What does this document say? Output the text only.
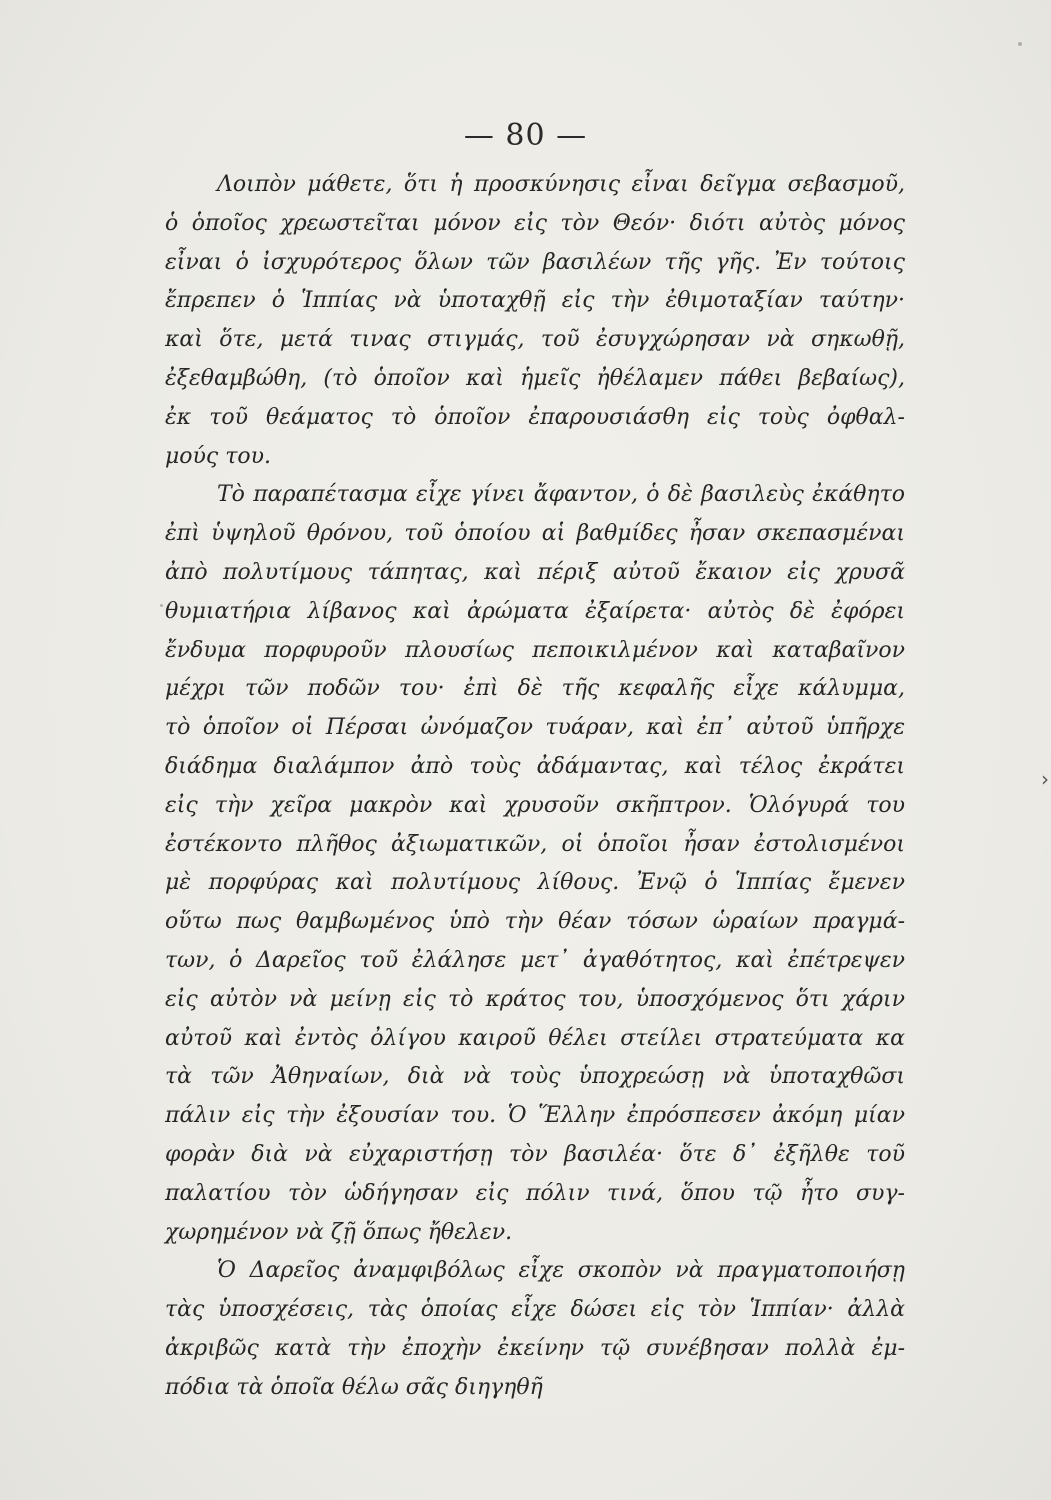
— 80 —
Λοιπὸν μάθετε, ὅτι ἡ προσκύνησις εἶναι δεῖγμα σεβασμοῦ,
ὁ ὁποῖος χρεωστεῖται μόνον εἰς τὸν Θεόν· διότι αὐτὸς μόνος
εἶναι ὁ ἰσχυρότερος ὅλων τῶν βασιλέων τῆς γῆς. Ἐν τούτοις
ἔπρεπεν ὁ Ἱππίας νὰ ὑποταχθῇ εἰς τὴν ἐθιμοταξίαν ταύτην·
καὶ ὅτε, μετά τινας στιγμάς, τοῦ ἐσυγχώρησαν νὰ σηκωθῇ,
ἐξεθαμβώθη, (τὸ ὁποῖον καὶ ἡμεῖς ἠθέλαμεν πάθει βεβαίως),
ἐκ τοῦ θεάματος τὸ ὁποῖον ἐπαρουσιάσθη εἰς τοὺς ὀφθαλ-
μούς του.
Τὸ παραπέτασμα εἶχε γίνει ἄφαντον, ὁ δὲ βασιλεὺς ἐκάθητο
ἐπὶ ὑψηλοῦ θρόνου, τοῦ ὁποίου αἱ βαθμίδες ἦσαν σκεπασμέναι
ἀπὸ πολυτίμους τάπητας, καὶ πέριξ αὐτοῦ ἔκαιον εἰς χρυσᾶ
θυμιατήρια λίβανος καὶ ἀρώματα ἐξαίρετα· αὐτὸς δὲ ἐφόρει
ἔνδυμα πορφυροῦν πλουσίως πεποικιλμένον καὶ καταβαῖνον
μέχρι τῶν ποδῶν του· ἐπὶ δὲ τῆς κεφαλῆς εἶχε κάλυμμα,
τὸ ὁποῖον οἱ Πέρσαι ὠνόμαζον τυάραν, καὶ ἐπ᾽ αὐτοῦ ὑπῆρχε
διάδημα διαλάμπον ἀπὸ τοὺς ἀδάμαντας, καὶ τέλος ἐκράτει
εἰς τὴν χεῖρα μακρὸν καὶ χρυσοῦν σκῆπτρον. Ὁλόγυρά του
ἐστέκοντο πλῆθος ἀξιωματικῶν, οἱ ὁποῖοι ἦσαν ἐστολισμένοι
μὲ πορφύρας καὶ πολυτίμους λίθους. Ἐνῷ ὁ Ἱππίας ἔμενεν
οὕτω πως θαμβωμένος ὑπὸ τὴν θέαν τόσων ὡραίων πραγμά-
των, ὁ Δαρεῖος τοῦ ἐλάλησε μετ᾽ ἀγαθότητος, καὶ ἐπέτρεψεν
εἰς αὐτὸν νὰ μείνῃ εἰς τὸ κράτος του, ὑποσχόμενος ὅτι χάριν
αὐτοῦ καὶ ἐντὸς ὀλίγου καιροῦ θέλει στείλει στρατεύματα κα
τὰ τῶν Ἀθηναίων, διὰ νὰ τοὺς ὑποχρεώσῃ νὰ ὑποταχθῶσι
πάλιν εἰς τὴν ἐξουσίαν του. Ὁ Ἕλλην ἐπρόσπεσεν ἀκόμη μίαν
φορὰν διὰ νὰ εὐχαριστήσῃ τὸν βασιλέα· ὅτε δ᾽ ἐξῆλθε τοῦ
παλατίου τὸν ὡδήγησαν εἰς πόλιν τινά, ὅπου τῷ ἦτο συγ-
χωρημένον νὰ ζῇ ὅπως ἤθελεν.
Ὁ Δαρεῖος ἀναμφιβόλως εἶχε σκοπὸν νὰ πραγματοποιήσῃ
τὰς ὑποσχέσεις, τὰς ὁποίας εἶχε δώσει εἰς τὸν Ἱππίαν· ἀλλὰ
ἀκριβῶς κατὰ τὴν ἐποχὴν ἐκείνην τῷ συνέβησαν πολλὰ ἐμ-
πόδια τὰ ὁποῖα θέλω σᾶς διηγηθῆ
›
